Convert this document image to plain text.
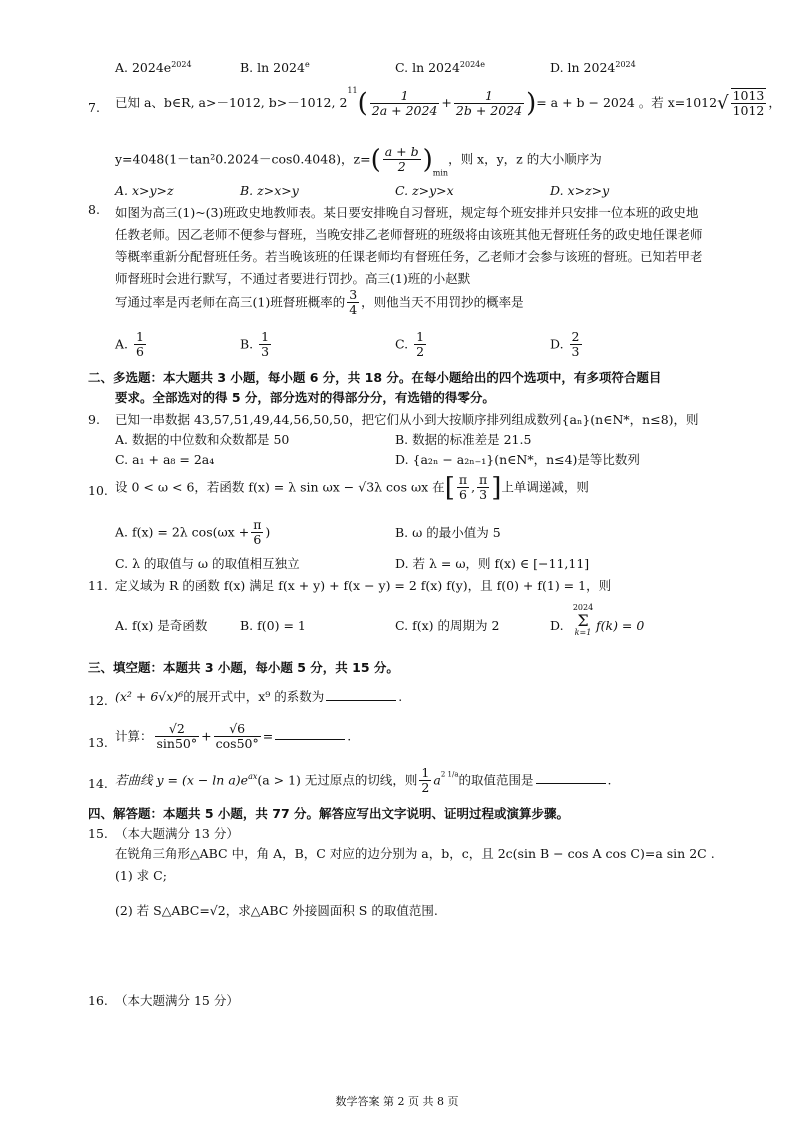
A. $2024e^{2024}$	B. ln 2024e	C. $\ln 2024^{2024e}$	D. $\ln 2024^{2024}$
7. 已知 a、b∈R, a>－1012, b>－1012, $2^{11}( \frac{1}{2a + 2024} + \frac{1}{2b + 2024}$ )= a + b − 2024 。若 $x=1012√ \frac{1013}{1012}$ ，
y=4048(1－tan²0.2024－cos0.4048)，$z=( \frac{a + b}{2} )_{min}$，则 x，y，z 的大小顺序为
A. x>y>z	B. z>x>y	C. z>y>x	D. x>z>y
8. 如图为高三(1)~(3)班政史地教师表。某日要安排晚自习督班，规定每个班安排并只安排一位本班的政史地任教老师。因乙老师不便参与督班，当晚安排乙老师督班的班级将由该班其他无督班任务的政史地任课老师等概率重新分配督班任务。若当晚该班的任课老师均有督班任务，乙老师才会参与该班的督班。已知若甲老师督班时会进行默写，不通过者要进行罚抄。高三(1)班的小赵默
写通过率是丙老师在高三(1)班督班概率的 $\frac{3}{4}$ ，则他当天不用罚抄的概率是
A. $\frac{1}{6}$	B. $\frac{1}{3}$	C. $\frac{1}{2}$	D. $\frac{2}{3}$
二、多选题：本大题共 3 小题，每小题 6 分，共 18 分。在每小题给出的四个选项中，有多项符合题目
要求。全部选对的得 5 分，部分选对的得部分分，有选错的得零分。
9. 已知一串数据 43,57,51,49,44,56,50,50，把它们从小到大按顺序排列组成数列{aₙ}(n∈N*，n≤8)，则
A. 数据的中位数和众数都是 50	B. 数据的标准差是 21.5
C. a₁ + a₈ = 2a₄	D. {a₂ₙ − a₂ₙ₋₁}(n∈N*，n≤4)是等比数列
10. 设 0 < ω < 6，若函数 f(x) = λ sin ωx − √3λ cos ωx 在[ $\frac{\pi}{6}$ , $\frac{\pi}{3}$ ]上单调递减，则
A. f(x) = 2λ $\cos(\omega x + \frac{\pi}{6}$ )	B. ω 的最小值为 5
C. λ 的取值与 ω 的取值相互独立	D. 若 λ = ω，则 f(x) ∈ [−11,11]
11. 定义域为 R 的函数 f(x) 满足 f(x + y) + f(x − y) = 2 f(x) f(y)，且 f(0) + f(1) = 1，则
A. f(x) 是奇函数	B. f(0) = 1	C. f(x) 的周期为 2	D.
2024
Σ
k=1 f(k) = 0
三、填空题：本题共 3 小题，每小题 5 分，共 15 分。
12. (x² + 6√x)⁶的展开式中，x⁹ 的系数为	.
13. 计算： $\frac{√2}{\sin 50^\circ} + \frac{√6}{\cos 50^\circ}$ =	.
14. 若曲线 $y = (x - \ln a)e^{ax}(a > 1)$ 无过原点的切线，则 $\frac{1}{2} a^{2 1/a}$的取值范围是	.
四、解答题：本题共 5 小题，共 77 分。解答应写出文字说明、证明过程或演算步骤。
15. （本大题满分 13 分）
在锐角三角形△ABC 中，角 A，B，C 对应的边分别为 a，b，c，且 2c(sin B − cos A cos C)=a sin 2C .
(1) 求 C;
(2) 若 S△ABC=√2，求△ABC 外接圆面积 S 的取值范围.
16. （本大题满分 15 分）
数学答案 第 2 页 共 8 页
